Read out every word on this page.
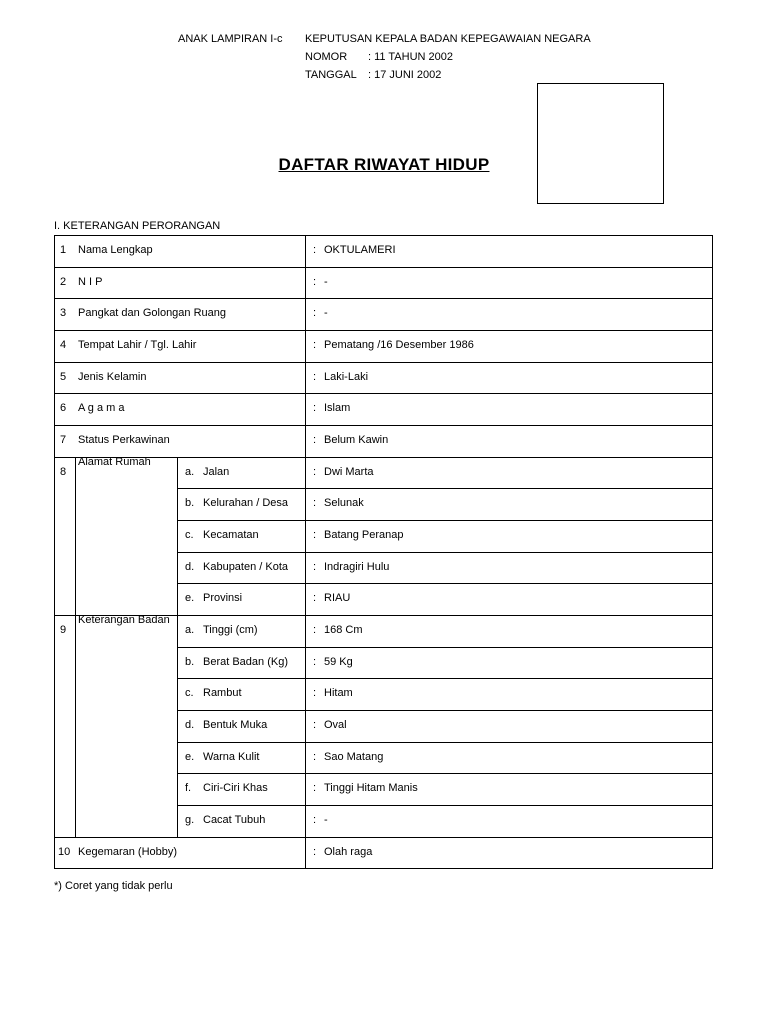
ANAK LAMPIRAN I-c KEPUTUSAN KEPALA BADAN KEPEGAWAIAN NEGARA
NOMOR : 11 TAHUN 2002
TANGGAL : 17 JUNI 2002
DAFTAR RIWAYAT HIDUP
I. KETERANGAN PERORANGAN
1 Nama Lengkap	: OKTULAMERI
2 N I P	: -
3 Pangkat dan Golongan Ruang	: -
4 Tempat Lahir / Tgl. Lahir	: Pematang /16 Desember 1986
5 Jenis Kelamin	: Laki-Laki
6 A g a m a	: Islam
7 Status Perkawinan	: Belum Kawin
8
Alamat Rumah
a. Jalan	: Dwi Marta
b. Kelurahan / Desa : Selunak
c. Kecamatan	: Batang Peranap
d. Kabupaten / Kota : Indragiri Hulu
e. Provinsi	: RIAU
9
Keterangan Badan
a. Tinggi (cm)	: 168 Cm
b. Berat Badan (Kg) : 59 Kg
c. Rambut	: Hitam
d. Bentuk Muka	: Oval
e. Warna Kulit	: Sao Matang
f. Ciri-Ciri Khas	: Tinggi Hitam Manis
g. Cacat Tubuh	: -
10 Kegemaran (Hobby)	: Olah raga
*) Coret yang tidak perlu
